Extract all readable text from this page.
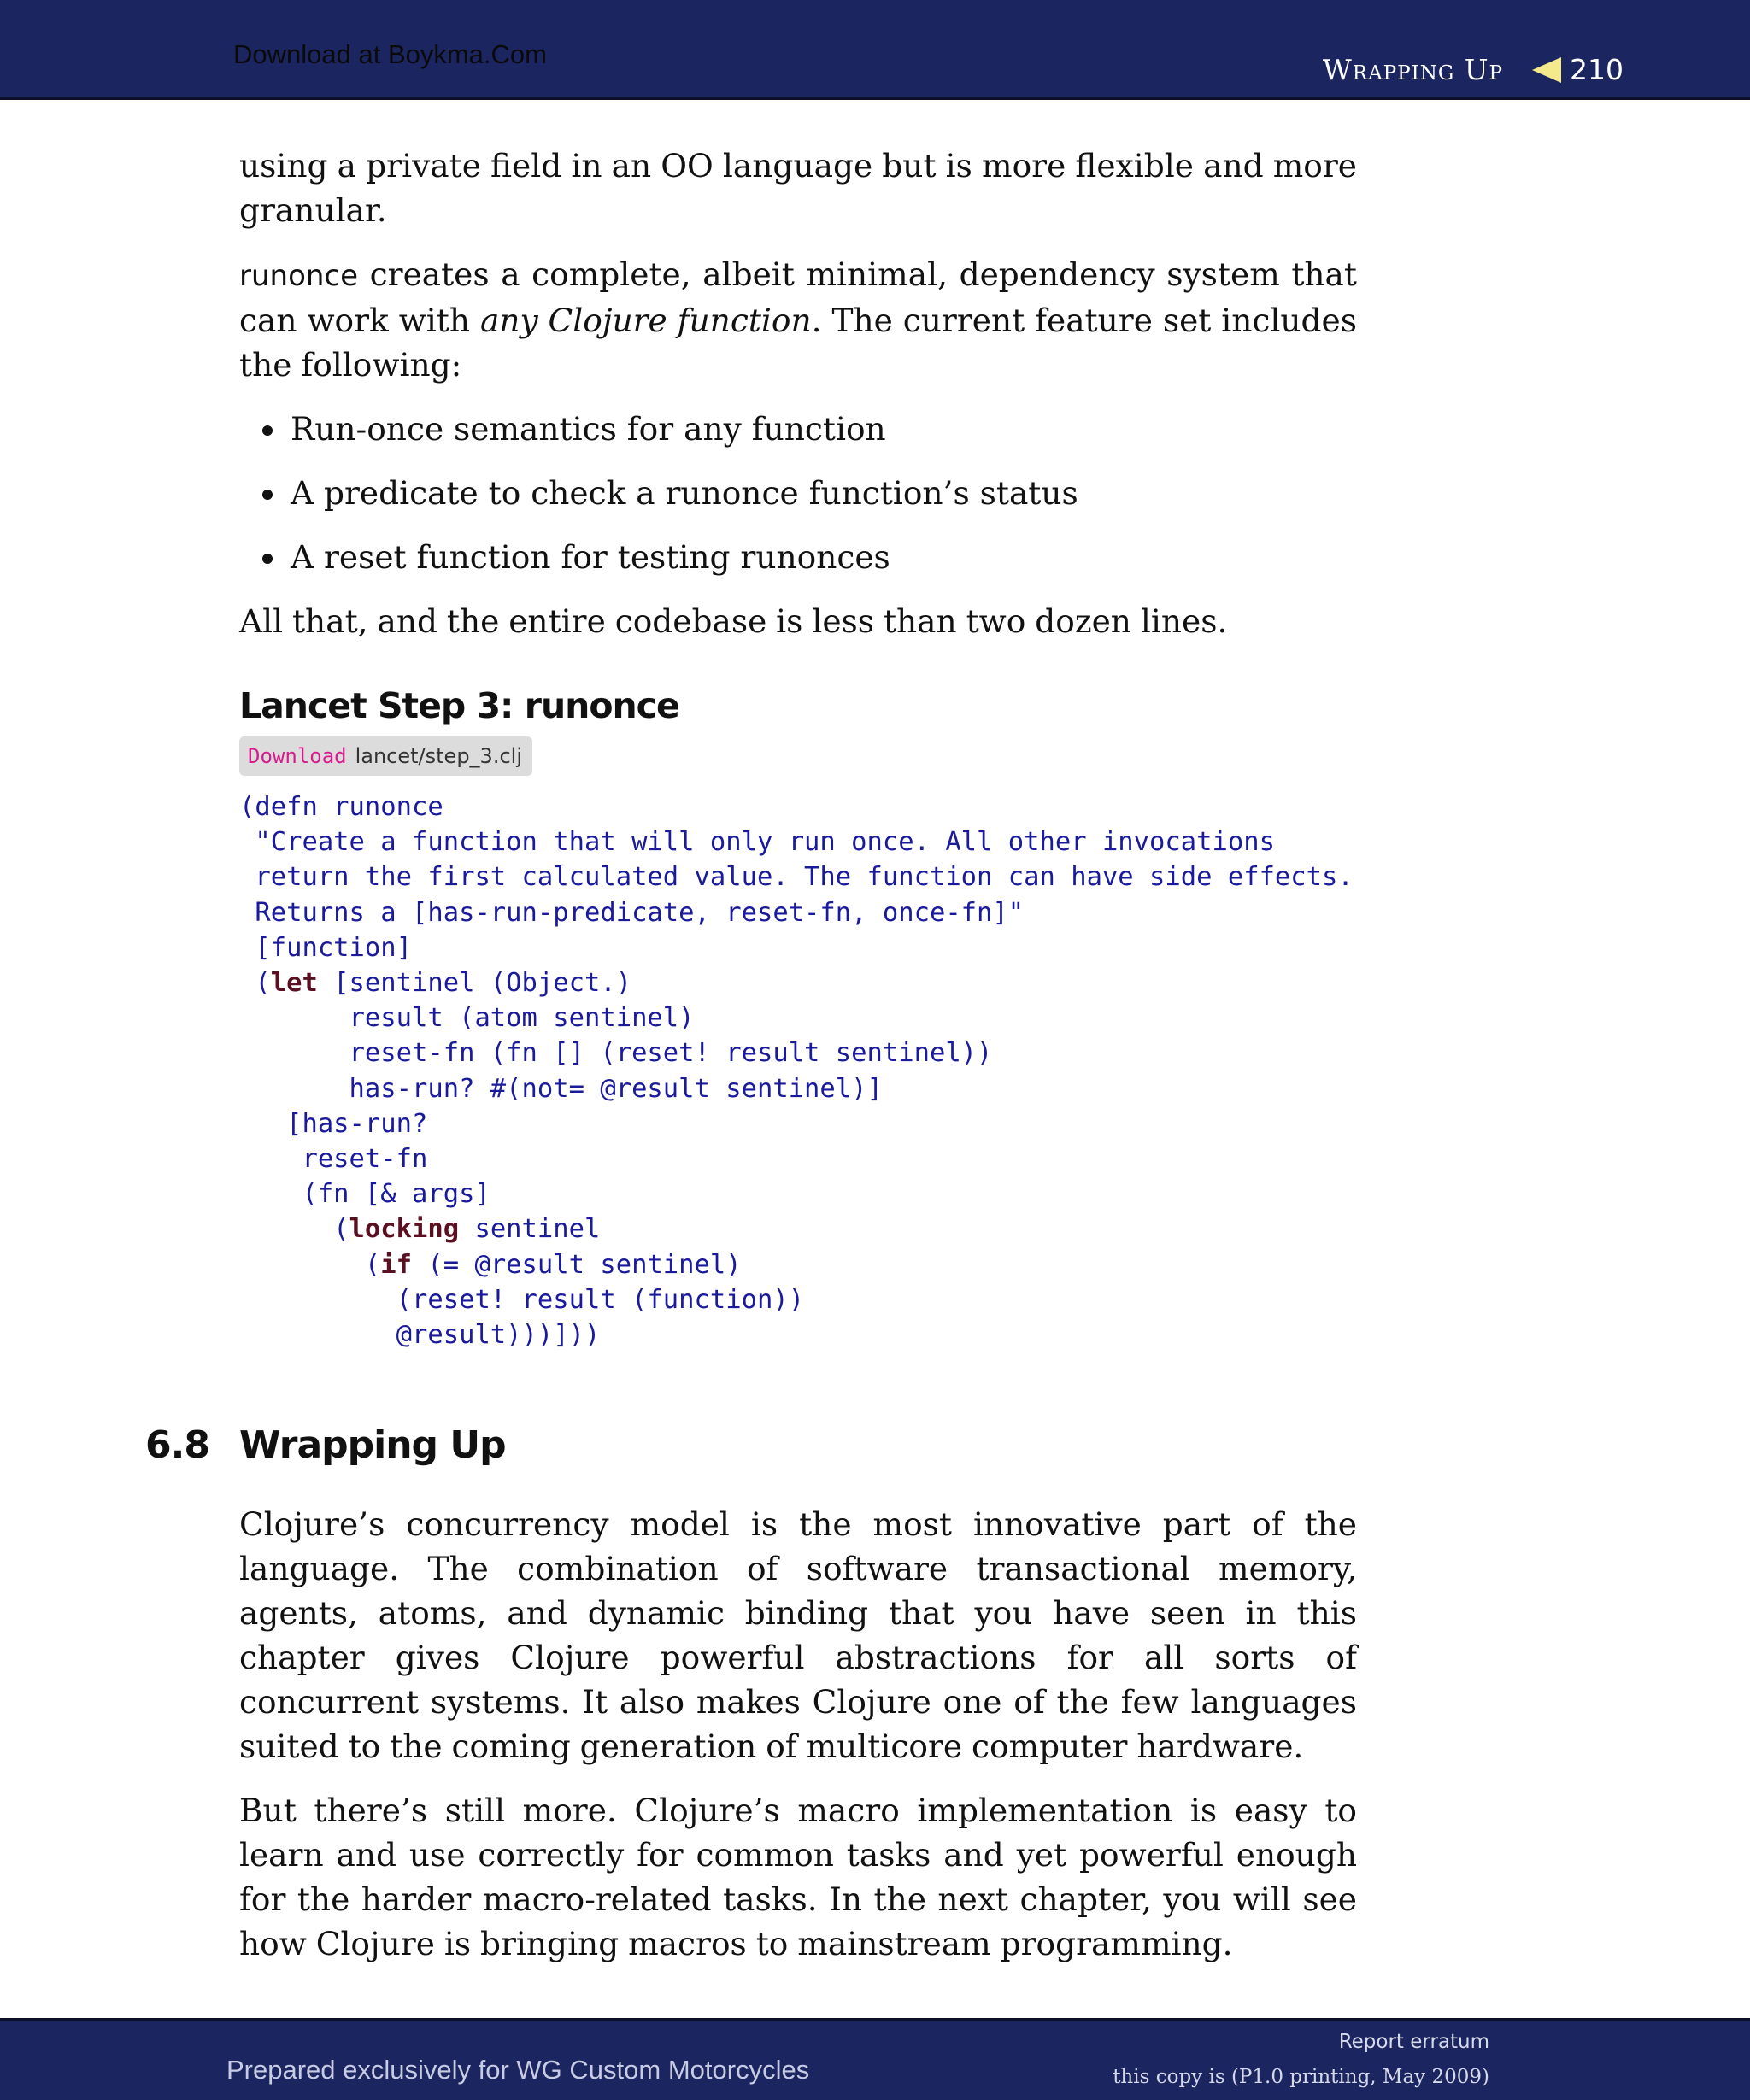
Download at Boykma.Com	Wrapping Up 210

using a private field in an OO language but is more flexible and more granular.

runonce creates a complete, albeit minimal, dependency system that can work with any Clojure function. The current feature set includes the following:

Run-once semantics for any function
A predicate to check a runonce function’s status
A reset function for testing runonces

All that, and the entire codebase is less than two dozen lines.

Lancet Step 3: runonce
Download lancet/step_3.clj
(defn runonce
"Create a function that will only run once. All other invocations
return the first calculated value. The function can have side effects.
Returns a [has-run-predicate, reset-fn, once-fn]"
[function]
(let [sentinel (Object.)
result (atom sentinel)
reset-fn (fn [] (reset! result sentinel))
has-run? #(not= @result sentinel)]
[has-run?
reset-fn
(fn [& args]
(locking sentinel
(if (= @result sentinel)
(reset! result (function))
@result)))]))
6.8 Wrapping Up

Clojure’s concurrency model is the most innovative part of the language. The combination of software transactional memory, agents, atoms, and dynamic binding that you have seen in this chapter gives Clojure powerful abstractions for all sorts of concurrent systems. It also makes Clojure one of the few languages suited to the coming generation of multicore computer hardware.

But there’s still more. Clojure’s macro implementation is easy to learn and use correctly for common tasks and yet powerful enough for the harder macro-related tasks. In the next chapter, you will see how Clojure is bringing macros to mainstream programming.

Prepared exclusively for WG Custom Motorcycles
Report erratum
this copy is (P1.0 printing, May 2009)
